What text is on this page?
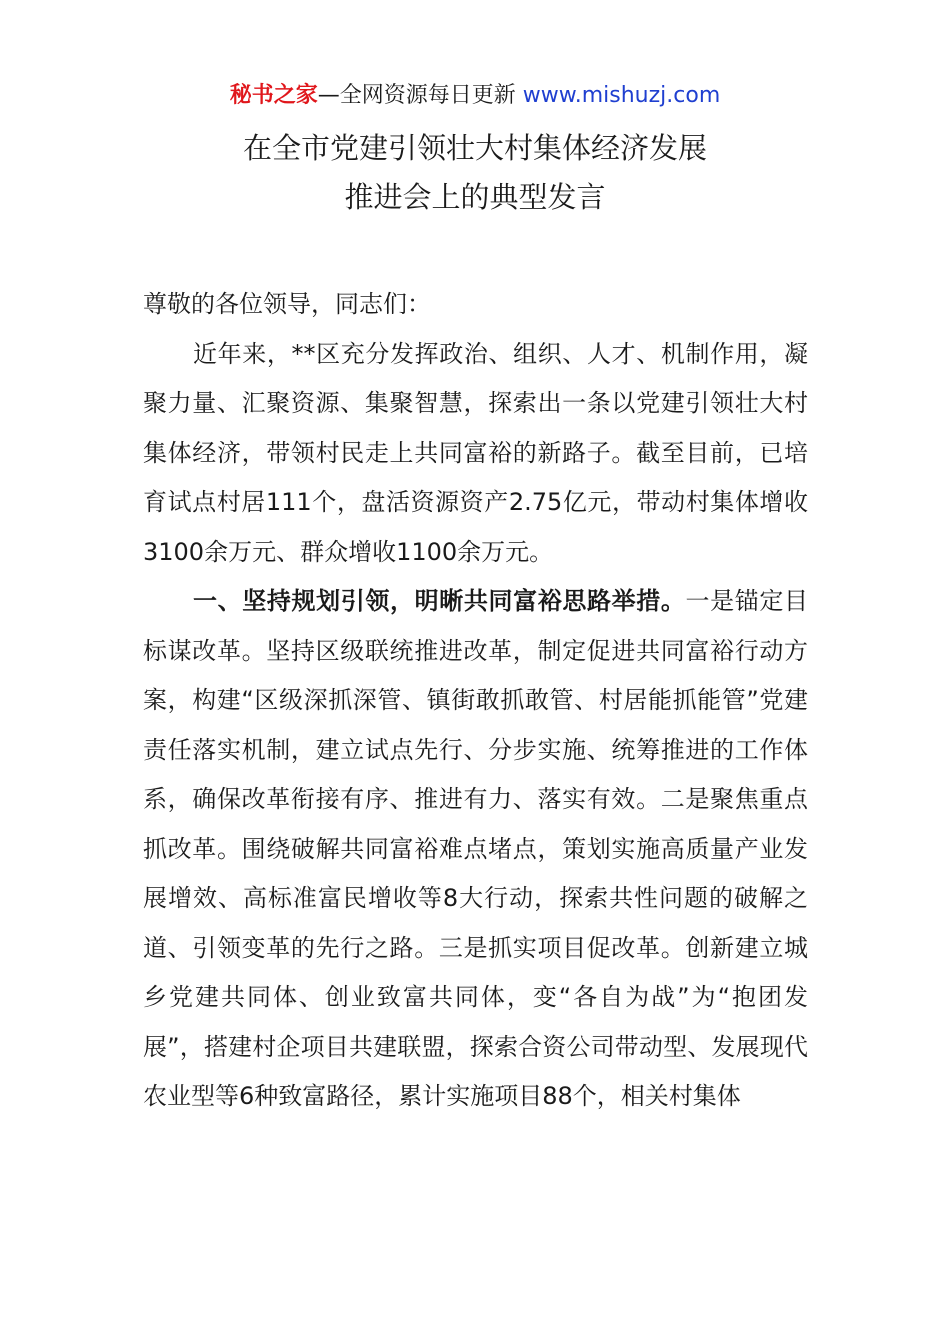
秘书之家—全网资源每日更新 www.mishuzj.com
在全市党建引领壮大村集体经济发展
推进会上的典型发言

尊敬的各位领导，同志们：

近年来，**区充分发挥政治、组织、人才、机制作用，凝聚力量、汇聚资源、集聚智慧，探索出一条以党建引领壮大村集体经济，带领村民走上共同富裕的新路子。截至目前，已培育试点村居111个，盘活资源资产2.75亿元，带动村集体增收3100余万元、群众增收1100余万元。

一、坚持规划引领，明晰共同富裕思路举措。一是锚定目标谋改革。坚持区级联统推进改革，制定促进共同富裕行动方案，构建“区级深抓深管、镇街敢抓敢管、村居能抓能管”党建责任落实机制，建立试点先行、分步实施、统筹推进的工作体系，确保改革衔接有序、推进有力、落实有效。二是聚焦重点抓改革。围绕破解共同富裕难点堵点，策划实施高质量产业发展增效、高标准富民增收等8大行动，探索共性问题的破解之道、引领变革的先行之路。三是抓实项目促改革。创新建立城乡党建共同体、创业致富共同体，变“各自为战”为“抱团发展”，搭建村企项目共建联盟，探索合资公司带动型、发展现代农业型等6种致富路径，累计实施项目88个，相关村集体
